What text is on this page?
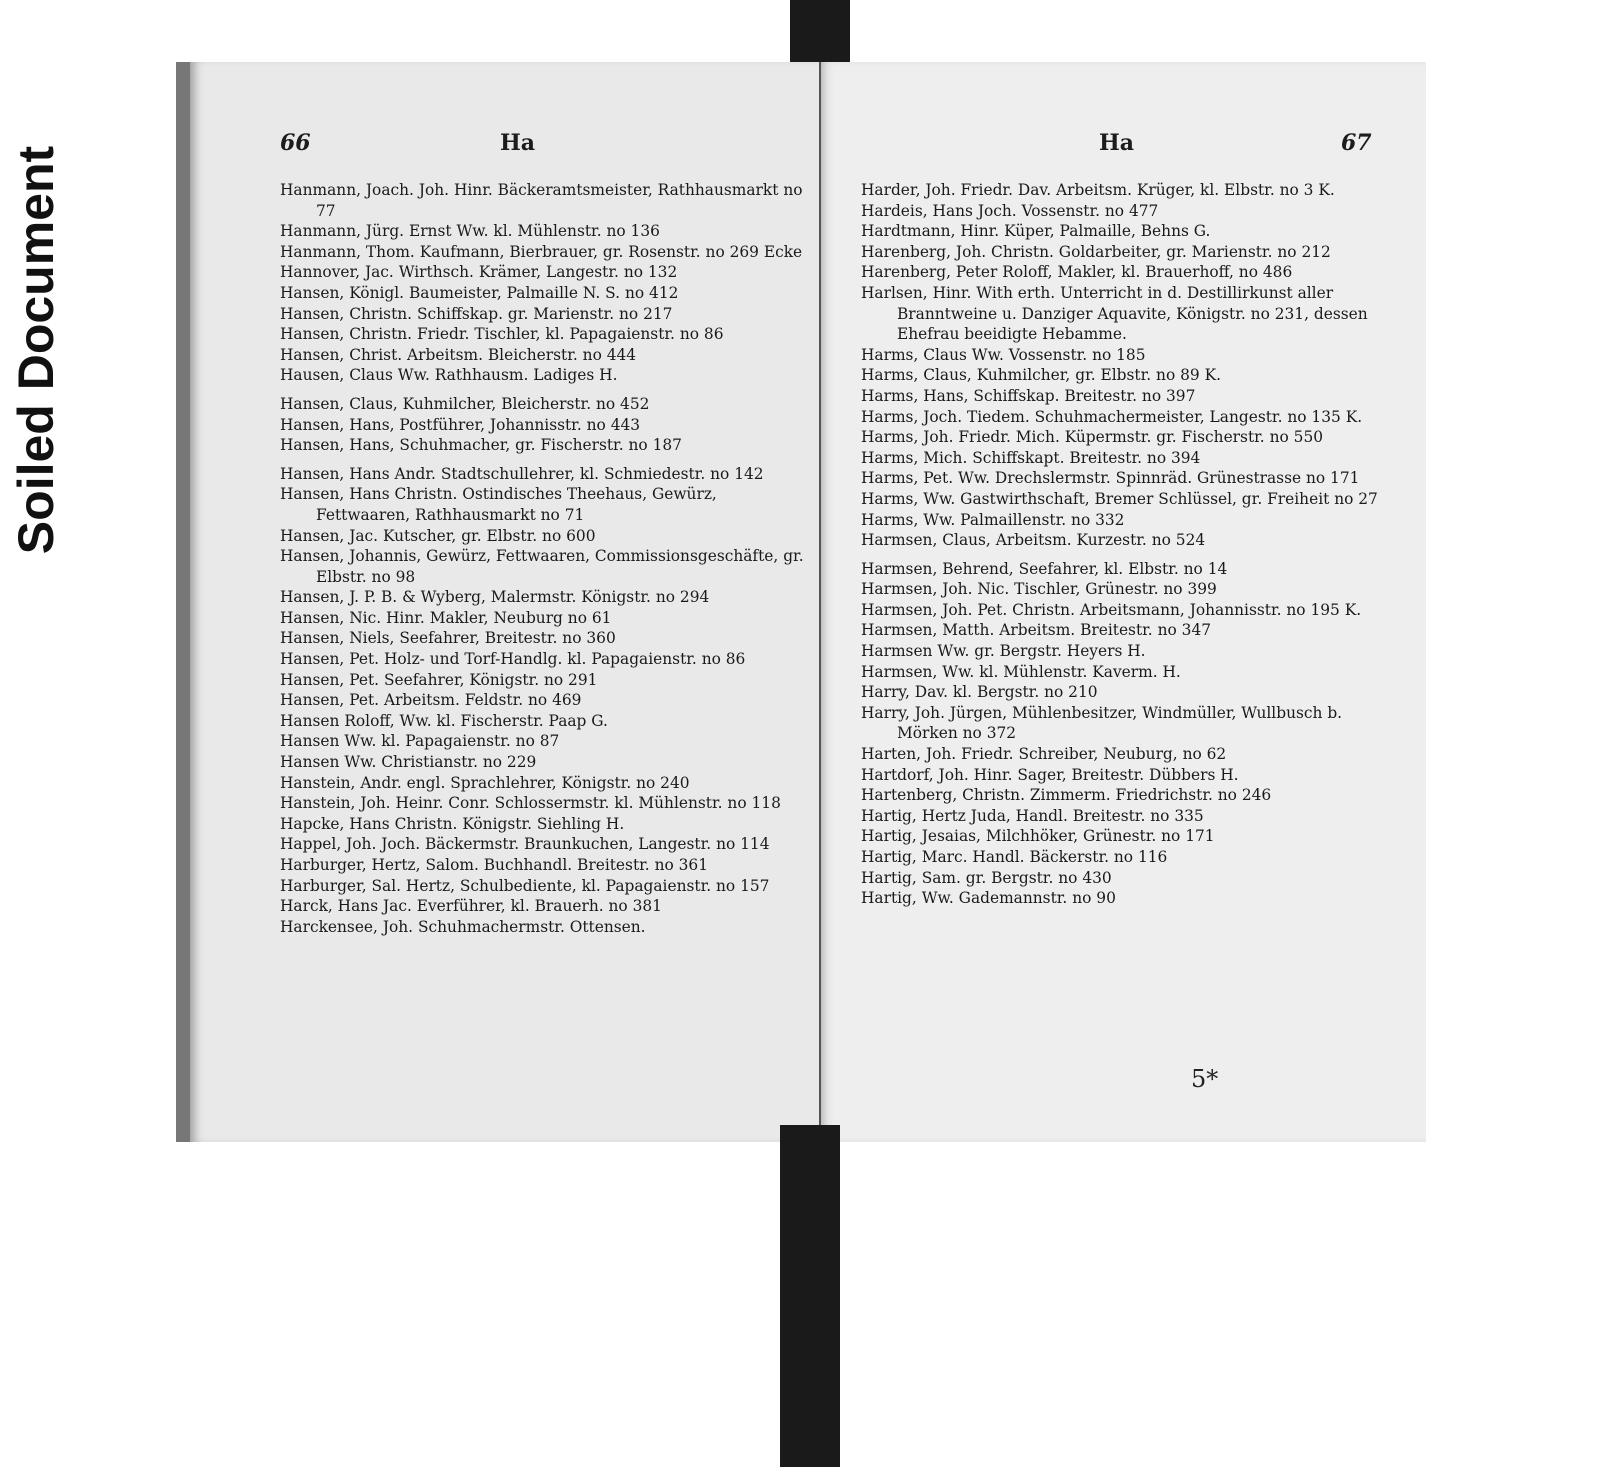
Soiled Document
66	Ha
Hanmann, Joach. Joh. Hinr. Bäckeramtsmeister, Rathhausmarkt no 77
Hanmann, Jürg. Ernst Ww. kl. Mühlenstr. no 136
Hanmann, Thom. Kaufmann, Bierbrauer, gr. Rosenstr. no 269 Ecke
Hannover, Jac. Wirthsch. Krämer, Langestr. no 132
Hansen, Königl. Baumeister, Palmaille N. S. no 412
Hansen, Christn. Schiffskap. gr. Marienstr. no 217
Hansen, Christn. Friedr. Tischler, kl. Papagaienstr. no 86
Hansen, Christ. Arbeitsm. Bleicherstr. no 444
Hausen, Claus Ww. Rathhausm. Ladiges H.
Hansen, Claus, Kuhmilcher, Bleicherstr. no 452
Hansen, Hans, Postführer, Johannisstr. no 443
Hansen, Hans, Schuhmacher, gr. Fischerstr. no 187
Hansen, Hans Andr. Stadtschullehrer, kl. Schmiedestr. no 142
Hansen, Hans Christn. Ostindisches Theehaus, Gewürz, Fettwaaren, Rathhausmarkt no 71
Hansen, Jac. Kutscher, gr. Elbstr. no 600
Hansen, Johannis, Gewürz, Fettwaaren, Commissionsgeschäfte, gr. Elbstr. no 98
Hansen, J. P. B. & Wyberg, Malermstr. Königstr. no 294
Hansen, Nic. Hinr. Makler, Neuburg no 61
Hansen, Niels, Seefahrer, Breitestr. no 360
Hansen, Pet. Holz- und Torf-Handlg. kl. Papagaienstr. no 86
Hansen, Pet. Seefahrer, Königstr. no 291
Hansen, Pet. Arbeitsm. Feldstr. no 469
Hansen Roloff, Ww. kl. Fischerstr. Paap G.
Hansen Ww. kl. Papagaienstr. no 87
Hansen Ww. Christianstr. no 229
Hanstein, Andr. engl. Sprachlehrer, Königstr. no 240
Hanstein, Joh. Heinr. Conr. Schlossermstr. kl. Mühlenstr. no 118
Hapcke, Hans Christn. Königstr. Siehling H.
Happel, Joh. Joch. Bäckermstr. Braunkuchen, Langestr. no 114
Harburger, Hertz, Salom. Buchhandl. Breitestr. no 361
Harburger, Sal. Hertz, Schulbediente, kl. Papagaienstr. no 157
Harck, Hans Jac. Everführer, kl. Brauerh. no 381
Harckensee, Joh. Schuhmachermstr. Ottensen.
Ha	67
Harder, Joh. Friedr. Dav. Arbeitsm. Krüger, kl. Elbstr. no 3 K.
Hardeis, Hans Joch. Vossenstr. no 477
Hardtmann, Hinr. Küper, Palmaille, Behns G.
Harenberg, Joh. Christn. Goldarbeiter, gr. Marienstr. no 212
Harenberg, Peter Roloff, Makler, kl. Brauerhoff, no 486
Harlsen, Hinr. With erth. Unterricht in d. Destillirkunst aller Branntweine u. Danziger Aquavite, Königstr. no 231, dessen Ehefrau beeidigte Hebamme.
Harms, Claus Ww. Vossenstr. no 185
Harms, Claus, Kuhmilcher, gr. Elbstr. no 89 K.
Harms, Hans, Schiffskap. Breitestr. no 397
Harms, Joch. Tiedem. Schuhmachermeister, Langestr. no 135 K.
Harms, Joh. Friedr. Mich. Küpermstr. gr. Fischerstr. no 550
Harms, Mich. Schiffskapt. Breitestr. no 394
Harms, Pet. Ww. Drechslermstr. Spinnräd. Grünestrasse no 171
Harms, Ww. Gastwirthschaft, Bremer Schlüssel, gr. Freiheit no 27
Harms, Ww. Palmaillenstr. no 332
Harmsen, Claus, Arbeitsm. Kurzestr. no 524
Harmsen, Behrend, Seefahrer, kl. Elbstr. no 14
Harmsen, Joh. Nic. Tischler, Grünestr. no 399
Harmsen, Joh. Pet. Christn. Arbeitsmann, Johannisstr. no 195 K.
Harmsen, Matth. Arbeitsm. Breitestr. no 347
Harmsen Ww. gr. Bergstr. Heyers H.
Harmsen, Ww. kl. Mühlenstr. Kaverm. H.
Harry, Dav. kl. Bergstr. no 210
Harry, Joh. Jürgen, Mühlenbesitzer, Windmüller, Wullbusch b. Mörken no 372
Harten, Joh. Friedr. Schreiber, Neuburg, no 62
Hartdorf, Joh. Hinr. Sager, Breitestr. Dübbers H.
Hartenberg, Christn. Zimmerm. Friedrichstr. no 246
Hartig, Hertz Juda, Handl. Breitestr. no 335
Hartig, Jesaias, Milchhöker, Grünestr. no 171
Hartig, Marc. Handl. Bäckerstr. no 116
Hartig, Sam. gr. Bergstr. no 430
Hartig, Ww. Gademannstr. no 90
5*
